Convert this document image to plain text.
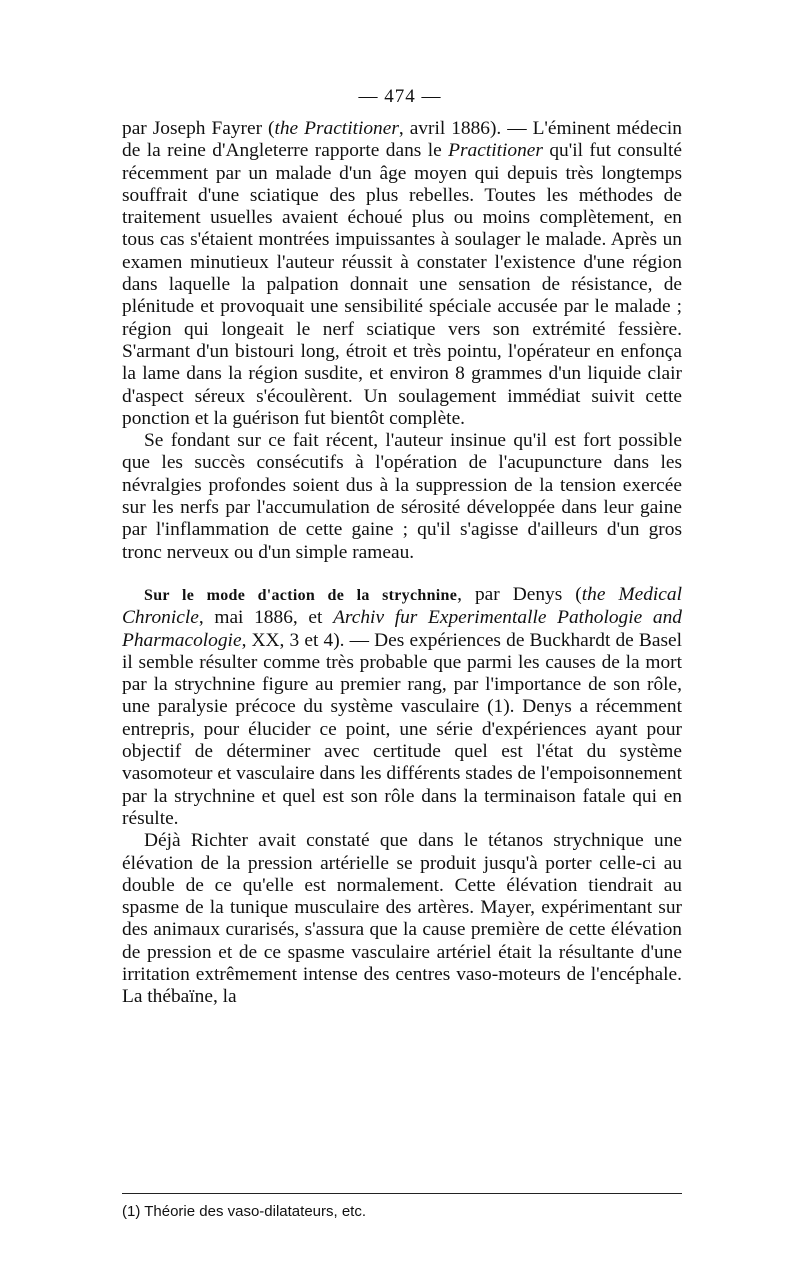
— 474 —

par Joseph Fayrer (the Practitioner, avril 1886). — L'éminent médecin de la reine d'Angleterre rapporte dans le Practitioner qu'il fut consulté récemment par un malade d'un âge moyen qui depuis très longtemps souffrait d'une sciatique des plus rebelles. Toutes les méthodes de traitement usuelles avaient échoué plus ou moins complètement, en tous cas s'étaient montrées impuissantes à soulager le malade. Après un examen minutieux l'auteur réussit à constater l'existence d'une région dans laquelle la palpation donnait une sensation de résistance, de plénitude et provoquait une sensibilité spéciale accusée par le malade ; région qui longeait le nerf sciatique vers son extrémité fessière. S'armant d'un bistouri long, étroit et très pointu, l'opérateur en enfonça la lame dans la région susdite, et environ 8 grammes d'un liquide clair d'aspect séreux s'écoulèrent. Un soulagement immédiat suivit cette ponction et la guérison fut bientôt complète.

Se fondant sur ce fait récent, l'auteur insinue qu'il est fort possible que les succès consécutifs à l'opération de l'acupuncture dans les névralgies profondes soient dus à la suppression de la tension exercée sur les nerfs par l'accumulation de sérosité développée dans leur gaine par l'inflammation de cette gaine ; qu'il s'agisse d'ailleurs d'un gros tronc nerveux ou d'un simple rameau.

Sur le mode d'action de la strychnine, par Denys (the Medical Chronicle, mai 1886, et Archiv fur Experimentalle Pathologie and Pharmacologie, XX, 3 et 4). — Des expériences de Buckhardt de Basel il semble résulter comme très probable que parmi les causes de la mort par la strychnine figure au premier rang, par l'importance de son rôle, une paralysie précoce du système vasculaire (1). Denys a récemment entrepris, pour élucider ce point, une série d'expériences ayant pour objectif de déterminer avec certitude quel est l'état du système vasomoteur et vasculaire dans les différents stades de l'empoisonnement par la strychnine et quel est son rôle dans la terminaison fatale qui en résulte.

Déjà Richter avait constaté que dans le tétanos strychnique une élévation de la pression artérielle se produit jusqu'à porter celle-ci au double de ce qu'elle est normalement. Cette élévation tiendrait au spasme de la tunique musculaire des artères. Mayer, expérimentant sur des animaux curarisés, s'assura que la cause première de cette élévation de pression et de ce spasme vasculaire artériel était la résultante d'une irritation extrêmement intense des centres vaso-moteurs de l'encéphale. La thébaïne, la

(1) Théorie des vaso-dilatateurs, etc.
